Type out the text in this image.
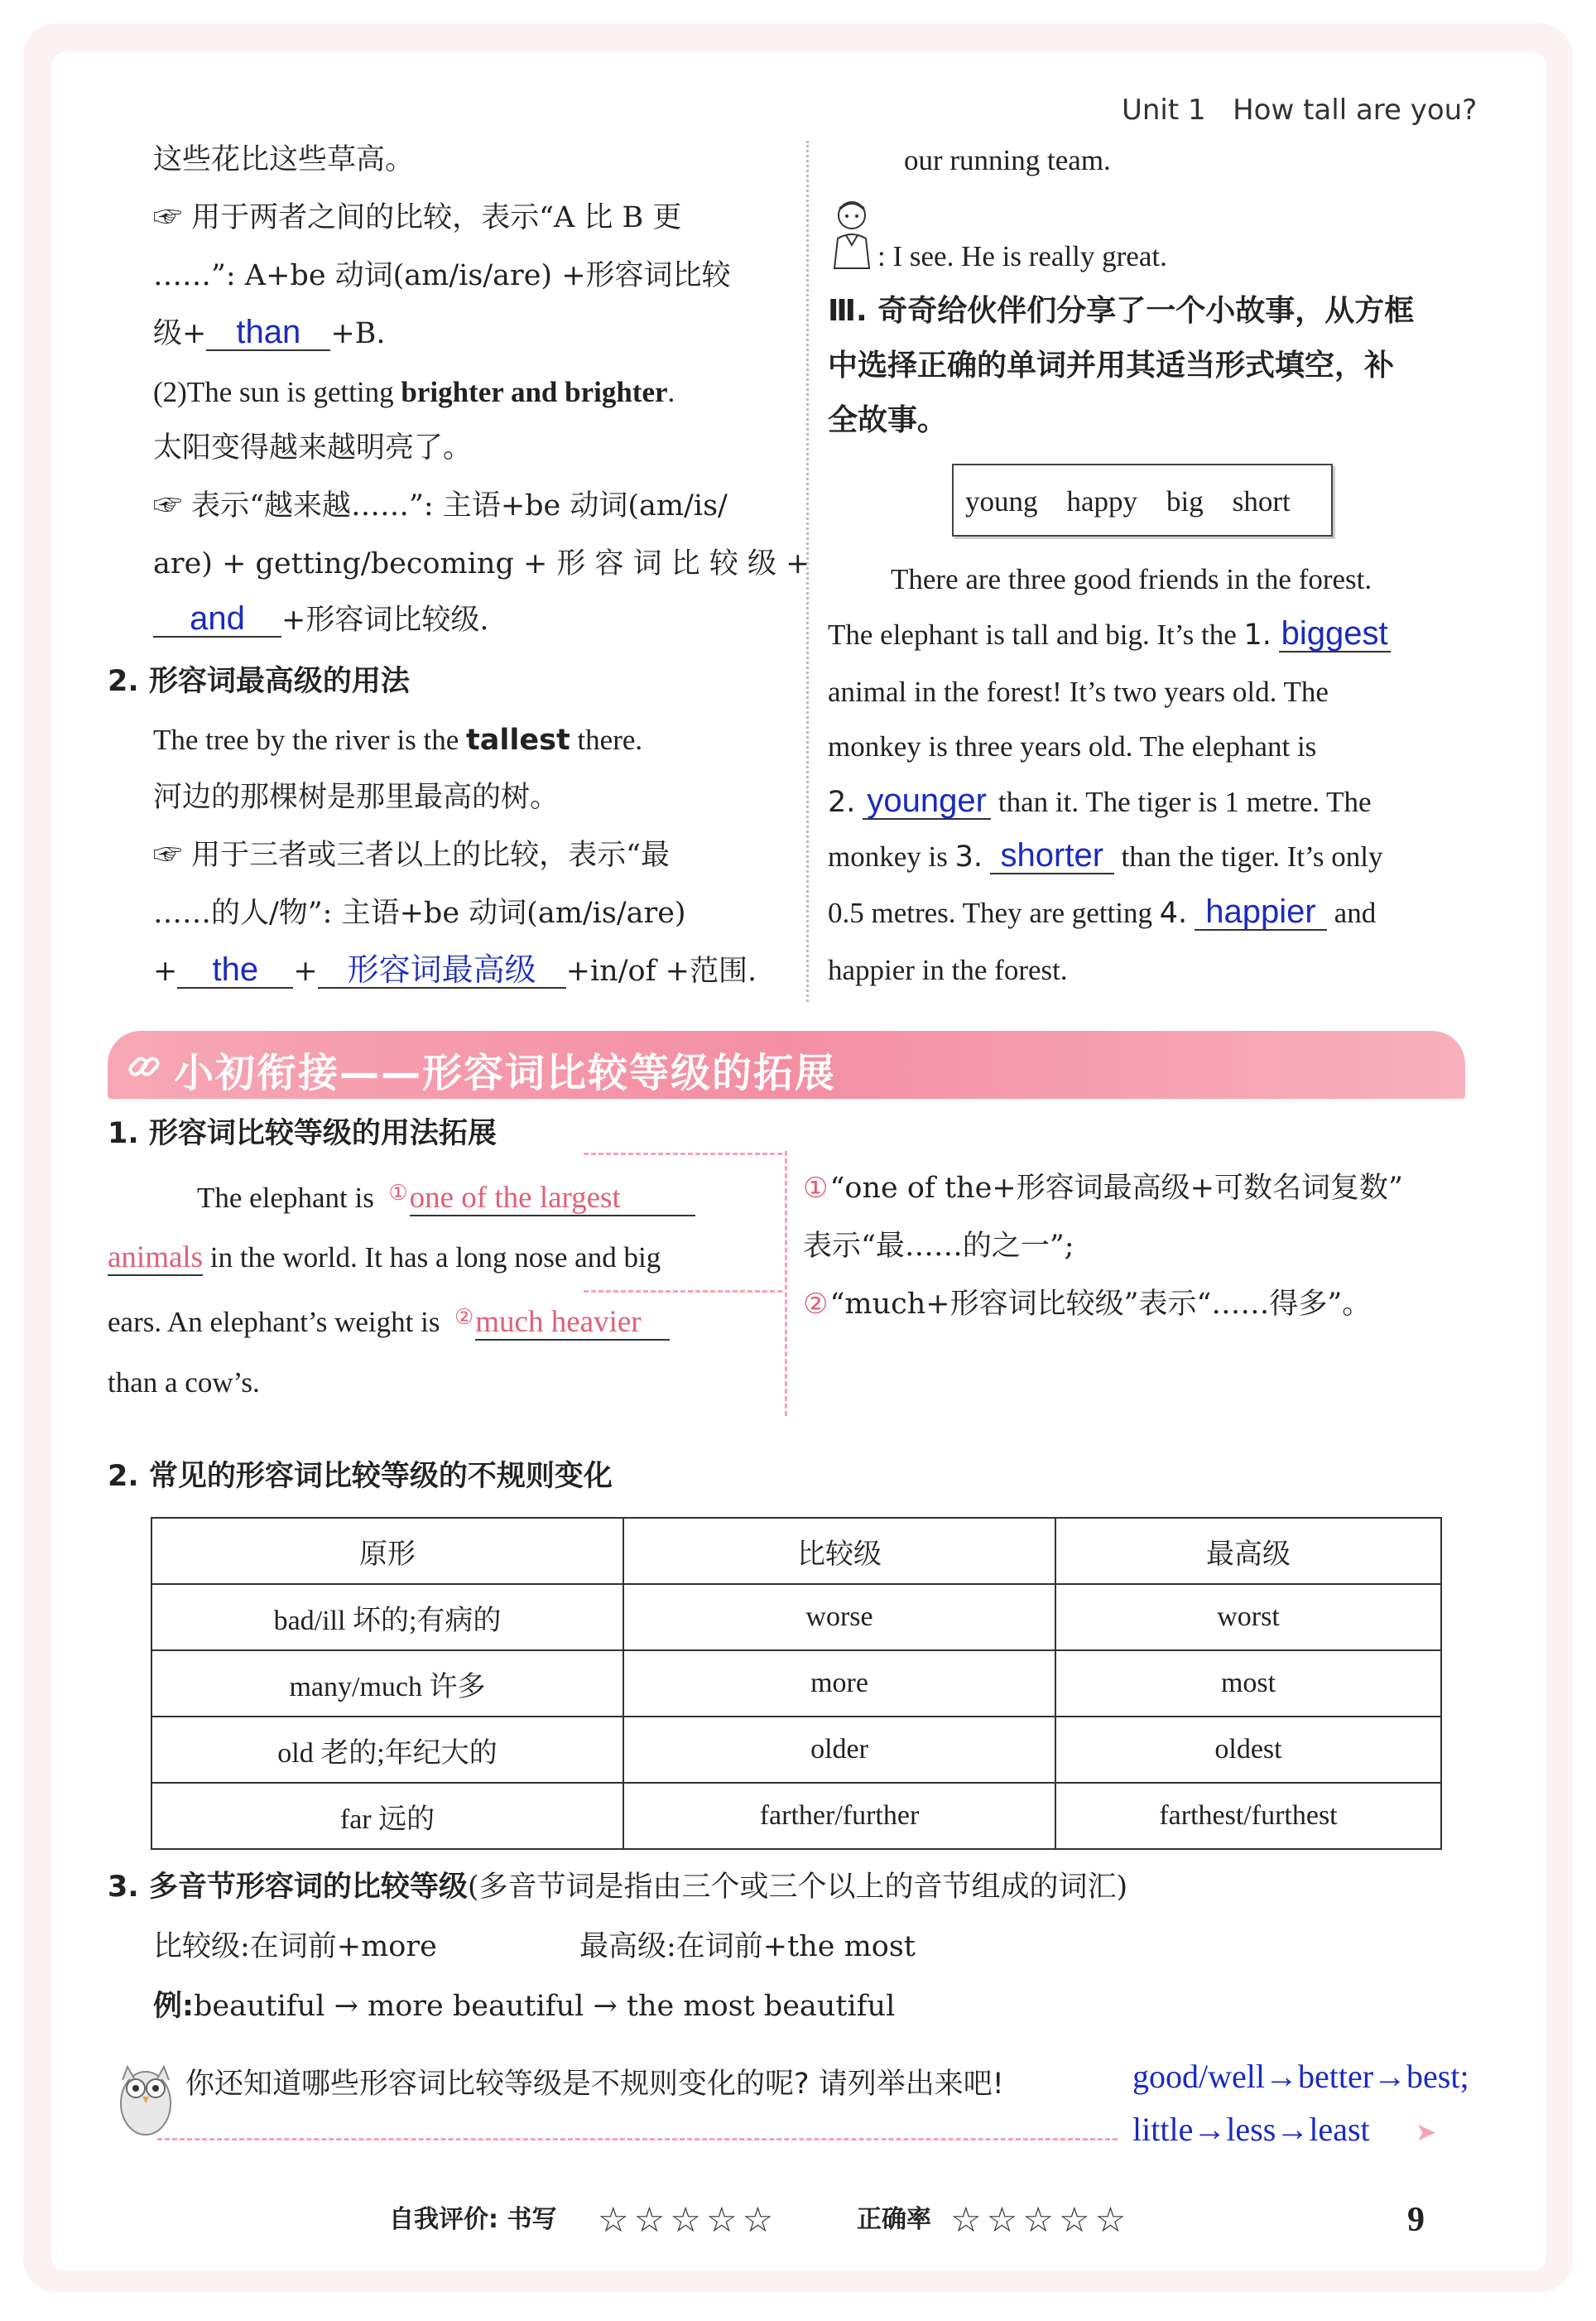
Unit 1 How tall are you?
这些花比这些草高。
☞ 用于两者之间的比较，表示“A 比 B 更
……”: A+be 动词(am/is/are) +形容词比较
级+ than +B.
(2)The sun is getting brighter and brighter.
太阳变得越来越明亮了。
☞ 表示“越来越……”: 主语+be 动词(am/is/
are) + getting/becoming + 形 容 词 比 较 级 +
and +形容词比较级.
2. 形容词最高级的用法
The tree by the river is the tallest there.
河边的那棵树是那里最高的树。
☞ 用于三者或三者以上的比较，表示“最
……的人/物”: 主语+be 动词(am/is/are)
+ the + 形容词最高级 +in/of +范围.
our running team.
: I see. He is really great.
Ⅲ. 奇奇给伙伴们分享了一个小故事，从方框
中选择正确的单词并用其适当形式填空，补
全故事。
young happy big short
There are three good friends in the forest.
The elephant is tall and big. It’s the 1. biggest
animal in the forest! It’s two years old. The
monkey is three years old. The elephant is
2. younger than it. The tiger is 1 metre. The
monkey is 3. shorter than the tiger. It’s only
0.5 metres. They are getting 4. happier and
happier in the forest.
小初衔接——形容词比较等级的拓展
1. 形容词比较等级的用法拓展
The elephant is ①one of the largest
animals in the world. It has a long nose and big
ears. An elephant’s weight is ②much heavier
than a cow’s.
①“one of the+形容词最高级+可数名词复数”
表示“最……的之一”;
②“much+形容词比较级”表示“……得多”。
2. 常见的形容词比较等级的不规则变化
原形	比较级	最高级
bad/ill 坏的;有病的	worse	worst
many/much 许多	more	most
old 老的;年纪大的	older	oldest
far 远的	farther/further	farthest/furthest
3. 多音节形容词的比较等级(多音节词是指由三个或三个以上的音节组成的词汇)
比较级:在词前+more	最高级:在词前+the most
例:beautiful → more beautiful → the most beautiful
你还知道哪些形容词比较等级是不规则变化的呢? 请列举出来吧!	good/well→better→best;
little→less→least ➤
自我评价: 书写 ☆ ☆ ☆ ☆ ☆	正确率 ☆ ☆ ☆ ☆ ☆	9
